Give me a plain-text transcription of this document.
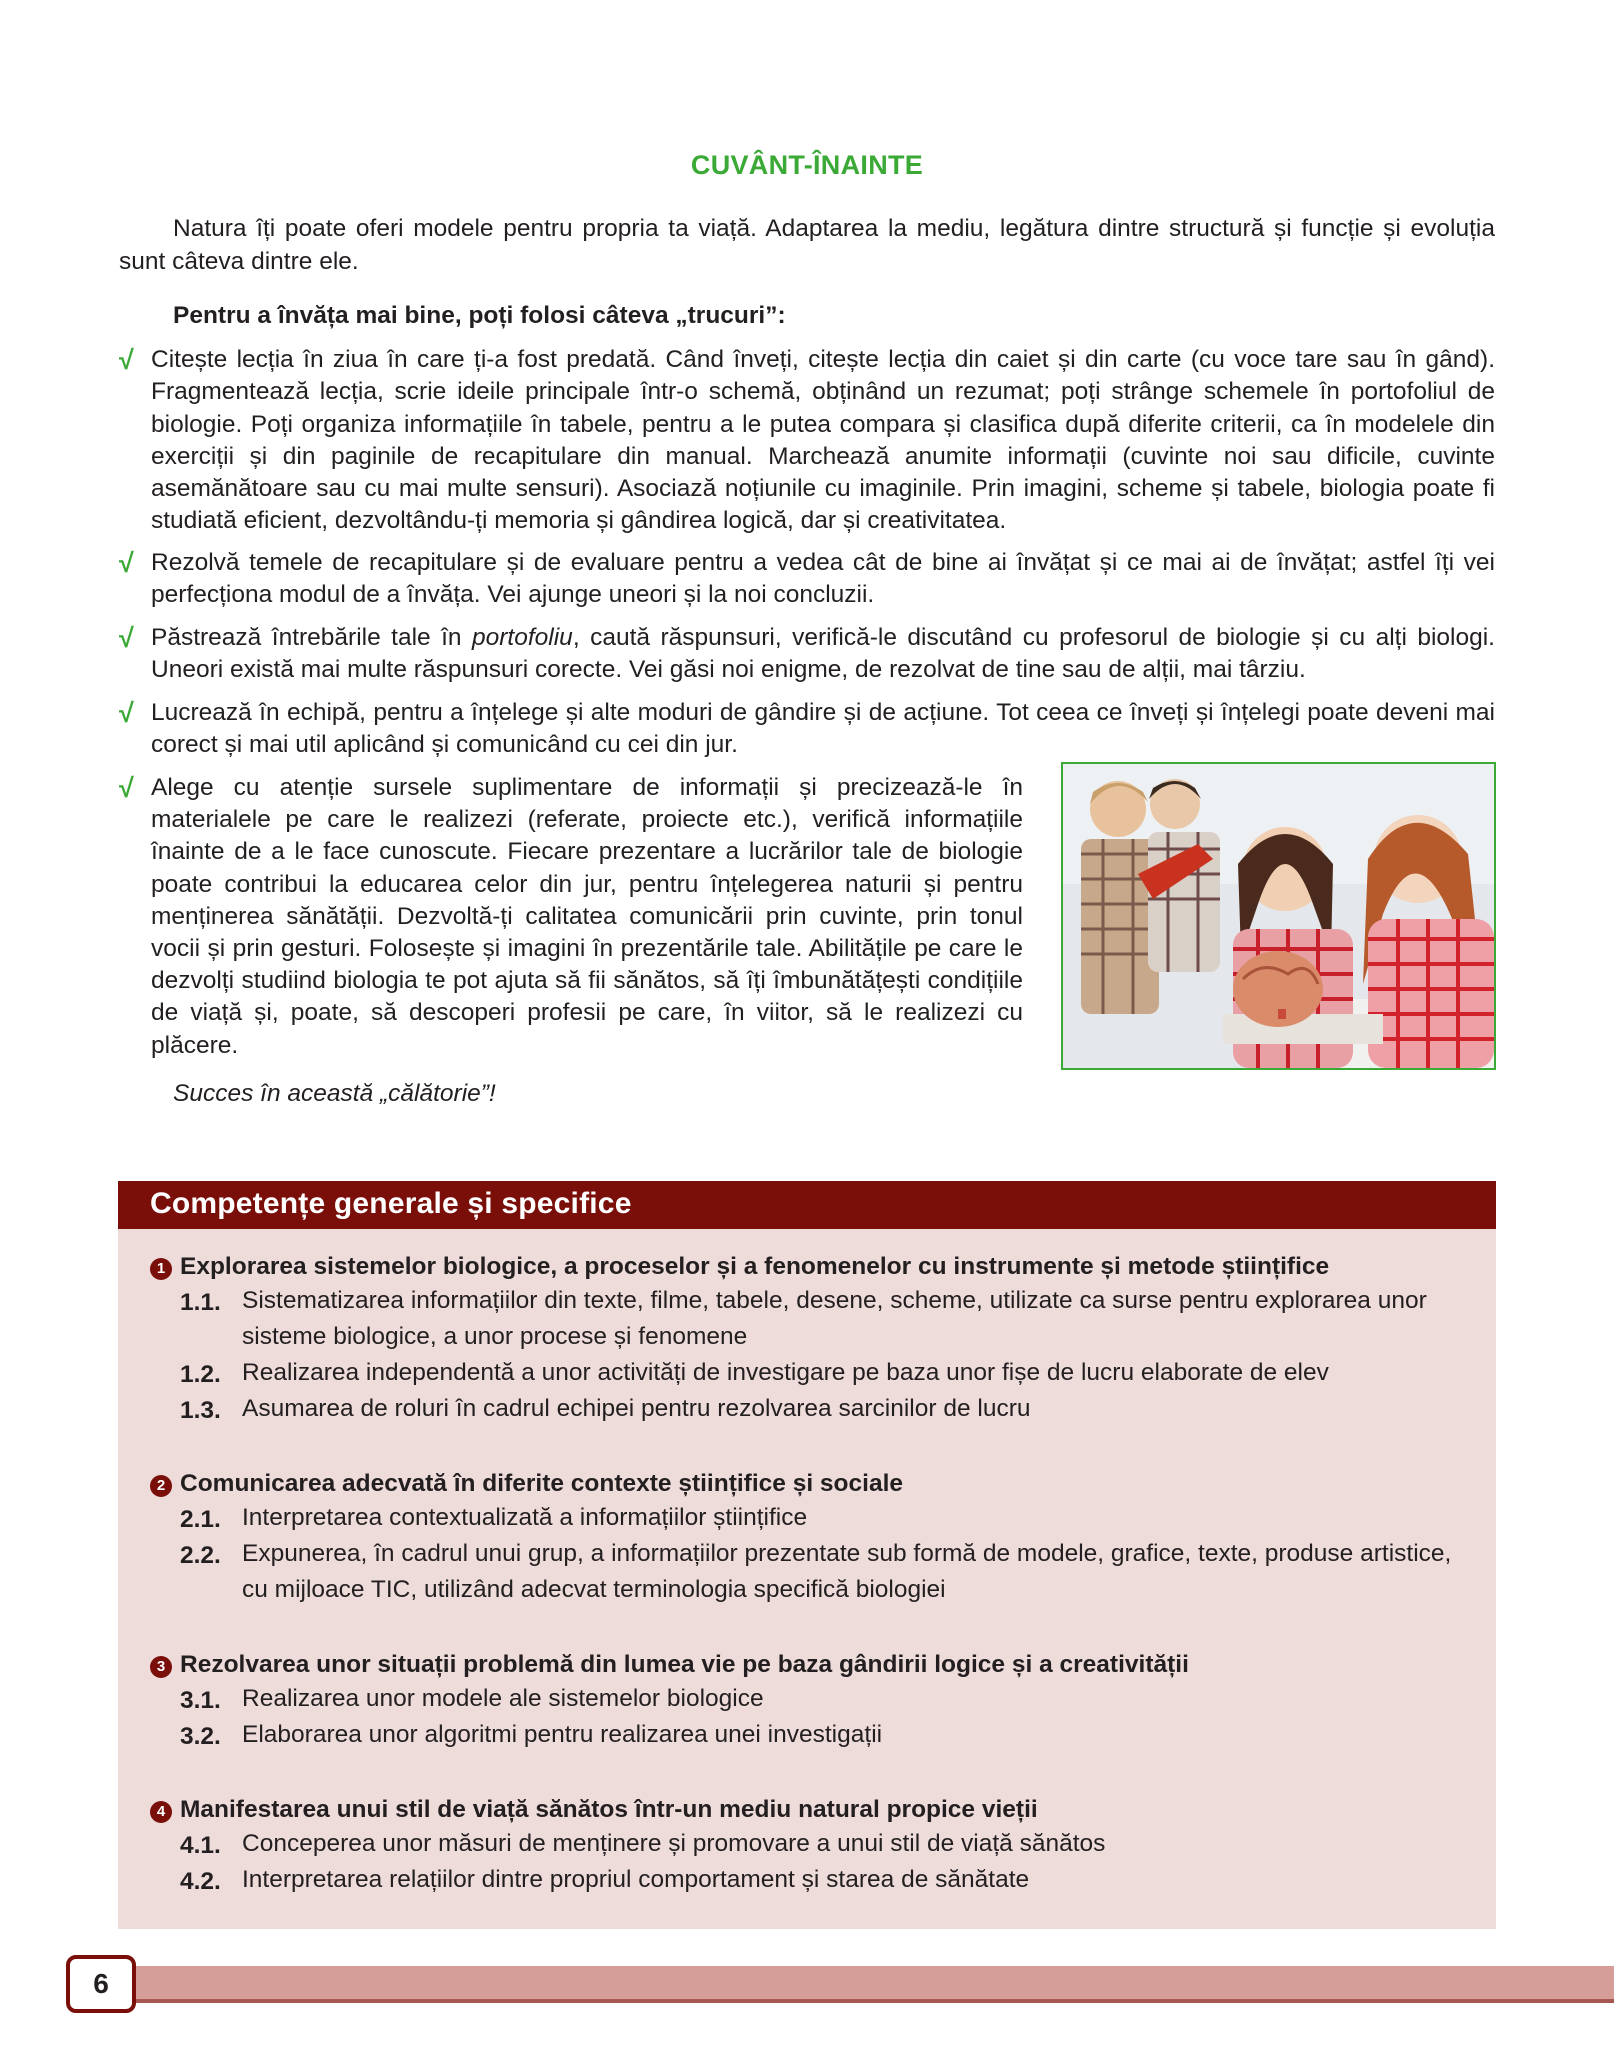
CUVÂNT-ÎNAINTE

Natura îți poate oferi modele pentru propria ta viață. Adaptarea la mediu, legătura dintre structură și funcție și evoluția sunt câteva dintre ele.

Pentru a învăța mai bine, poți folosi câteva „trucuri”:
√ Citește lecția în ziua în care ți-a fost predată. Când înveți, citește lecția din caiet și din carte (cu voce tare sau în gând). Fragmentează lecția, scrie ideile principale într-o schemă, obținând un rezumat; poți strânge schemele în portofoliul de biologie. Poți organiza informațiile în tabele, pentru a le putea compara și clasifica după diferite criterii, ca în modelele din exerciții și din paginile de recapitulare din manual. Marchează anumite informații (cuvinte noi sau dificile, cuvinte asemănătoare sau cu mai multe sensuri). Asociază noțiunile cu imaginile. Prin imagini, scheme și tabele, biologia poate fi studiată eficient, dezvoltându-ți memoria și gândirea logică, dar și creativitatea.
√ Rezolvă temele de recapitulare și de evaluare pentru a vedea cât de bine ai învățat și ce mai ai de învățat; astfel îți vei perfecționa modul de a învăța. Vei ajunge uneori și la noi concluzii.
√ Păstrează întrebările tale în portofoliu, caută răspunsuri, verifică-le discutând cu profesorul de biologie și cu alți biologi. Uneori există mai multe răspunsuri corecte. Vei găsi noi enigme, de rezolvat de tine sau de alții, mai târziu.
√ Lucrează în echipă, pentru a înțelege și alte moduri de gândire și de acțiune. Tot ceea ce înveți și înțelegi poate deveni mai corect și mai util aplicând și comunicând cu cei din jur.
√ Alege cu atenție sursele suplimentare de informații și precizează-le în materialele pe care le realizezi (referate, proiecte etc.), verifică informațiile înainte de a le face cunoscute. Fiecare prezentare a lucrărilor tale de biologie poate contribui la educarea celor din jur, pentru înțelegerea naturii și pentru menținerea sănătății. Dezvoltă-ți calitatea comunicării prin cuvinte, prin tonul vocii și prin gesturi. Folosește și imagini în prezentările tale. Abilitățile pe care le dezvolți studiind biologia te pot ajuta să fii sănătos, să îți îmbunătățești condițiile de viață și, poate, să descoperi profesii pe care, în viitor, să le realizezi cu plăcere.
Succes în această „călătorie”!
Competențe generale și specifice
1 Explorarea sistemelor biologice, a proceselor și a fenomenelor cu instrumente și metode științifice
1.1. Sistematizarea informațiilor din texte, filme, tabele, desene, scheme, utilizate ca surse pentru explorarea unor sisteme biologice, a unor procese și fenomene
1.2. Realizarea independentă a unor activități de investigare pe baza unor fișe de lucru elaborate de elev
1.3. Asumarea de roluri în cadrul echipei pentru rezolvarea sarcinilor de lucru
2 Comunicarea adecvată în diferite contexte științifice și sociale
2.1. Interpretarea contextualizată a informațiilor științifice
2.2. Expunerea, în cadrul unui grup, a informațiilor prezentate sub formă de modele, grafice, texte, produse artistice, cu mijloace TIC, utilizând adecvat terminologia specifică biologiei
3 Rezolvarea unor situații problemă din lumea vie pe baza gândirii logice și a creativității
3.1. Realizarea unor modele ale sistemelor biologice
3.2. Elaborarea unor algoritmi pentru realizarea unei investigații
4 Manifestarea unui stil de viață sănătos într-un mediu natural propice vieții
4.1. Conceperea unor măsuri de menținere și promovare a unui stil de viață sănătos
4.2. Interpretarea relațiilor dintre propriul comportament și starea de sănătate
6
